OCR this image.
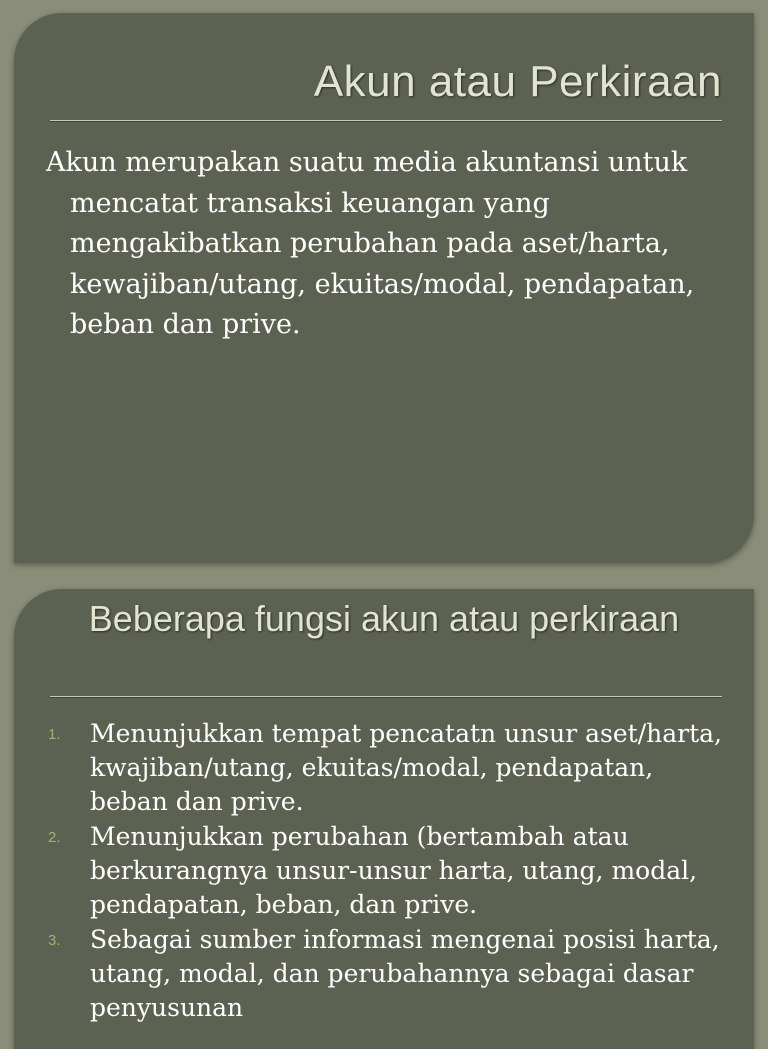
Akun atau Perkiraan

Akun merupakan suatu media akuntansi untuk mencatat transaksi keuangan yang mengakibatkan perubahan pada aset/harta, kewajiban/utang, ekuitas/modal, pendapatan, beban dan prive.

Beberapa fungsi akun atau perkiraan
1. Menunjukkan tempat pencatatn unsur aset/harta, kwajiban/utang, ekuitas/modal, pendapatan, beban dan prive.
2. Menunjukkan perubahan (bertambah atau berkurangnya unsur-unsur harta, utang, modal, pendapatan, beban, dan prive.
3. Sebagai sumber informasi mengenai posisi harta, utang, modal, dan perubahannya sebagai dasar penyusunan
